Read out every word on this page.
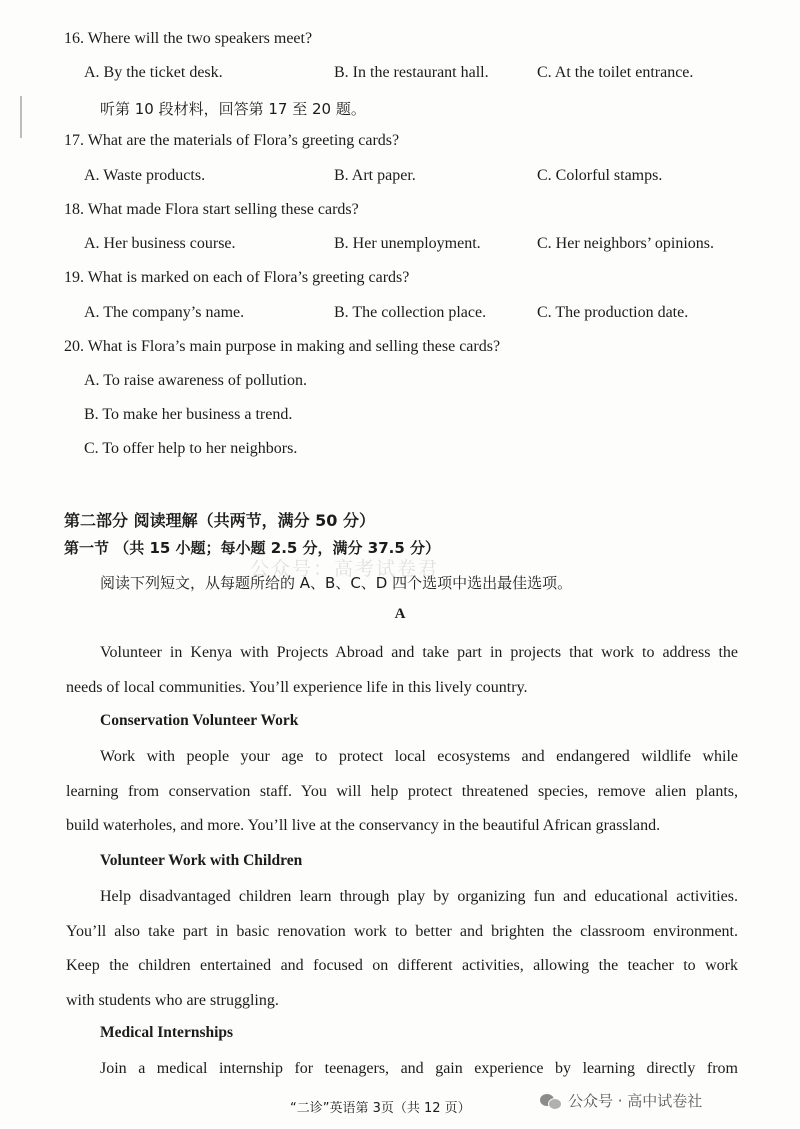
16. Where will the two speakers meet?
A. By the ticket desk.	B. In the restaurant hall.	C. At the toilet entrance.
听第 10 段材料，回答第 17 至 20 题。
17. What are the materials of Flora’s greeting cards?
A. Waste products.	B. Art paper.	C. Colorful stamps.
18. What made Flora start selling these cards?
A. Her business course.	B. Her unemployment.	C. Her neighbors’ opinions.
19. What is marked on each of Flora’s greeting cards?
A. The company’s name.	B. The collection place.	C. The production date.
20. What is Flora’s main purpose in making and selling these cards?
A. To raise awareness of pollution.
B. To make her business a trend.
C. To offer help to her neighbors.
第二部分 阅读理解（共两节，满分 50 分）
第一节 （共 15 小题；每小题 2.5 分，满分 37.5 分）
公众号：高考试卷君
阅读下列短文，从每题所给的 A、B、C、D 四个选项中选出最佳选项。
A
Volunteer in Kenya with Projects Abroad and take part in projects that work to address the
needs of local communities. You’ll experience life in this lively country.
Conservation Volunteer Work
Work with people your age to protect local ecosystems and endangered wildlife while
learning from conservation staff. You will help protect threatened species, remove alien plants,
build waterholes, and more. You’ll live at the conservancy in the beautiful African grassland.
Volunteer Work with Children
Help disadvantaged children learn through play by organizing fun and educational activities.
You’ll also take part in basic renovation work to better and brighten the classroom environment.
Keep the children entertained and focused on different activities, allowing the teacher to work
with students who are struggling.
Medical Internships
Join a medical internship for teenagers, and gain experience by learning directly from
“二诊”英语第 3页（共 12 页）	公众号 · 高中试卷社
